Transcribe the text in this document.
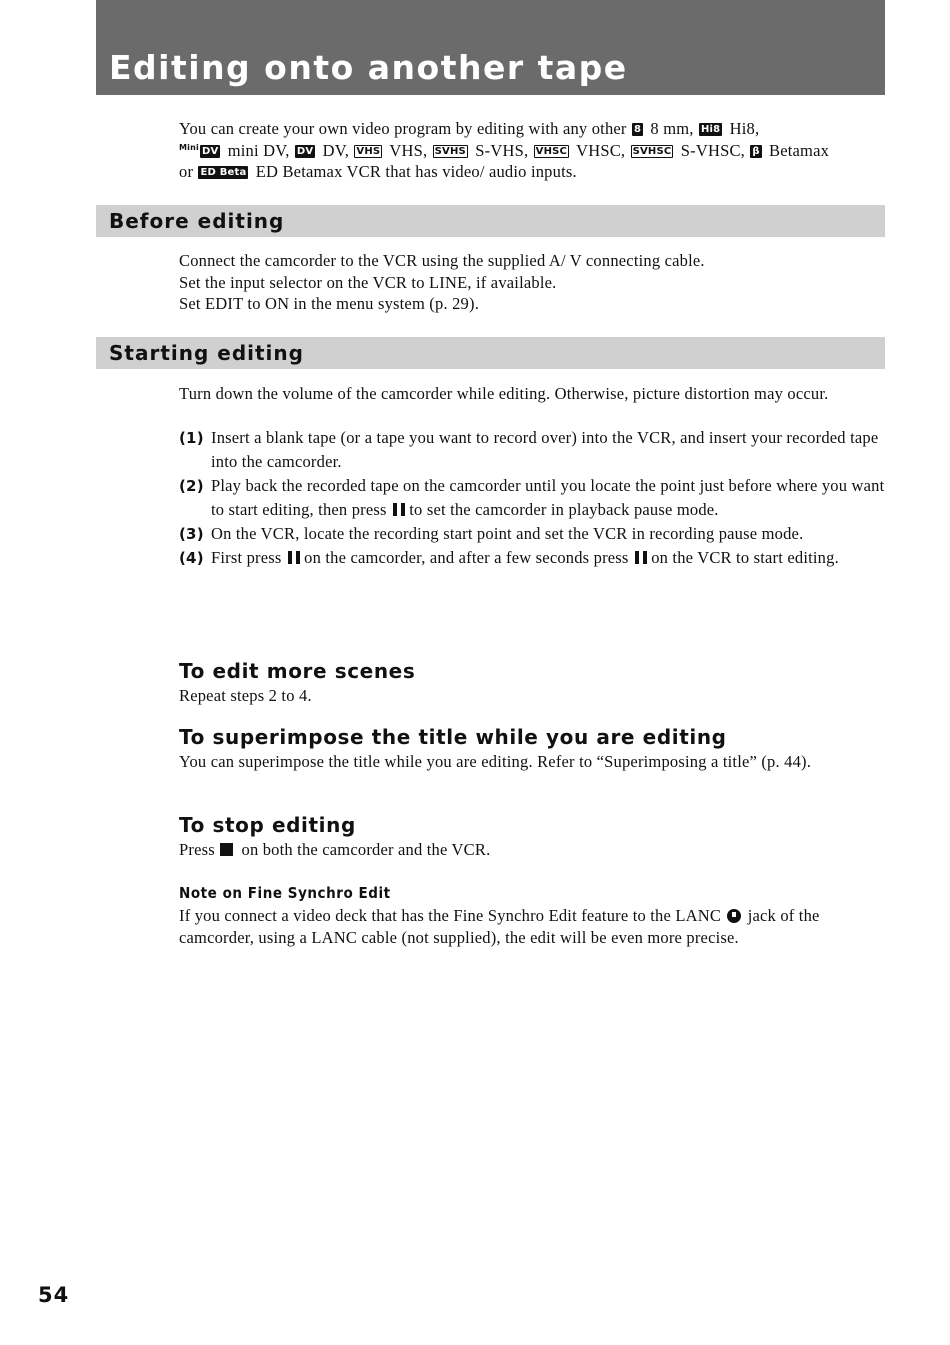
Editing onto another tape
You can create your own video program by editing with any other 8 8 mm, Hi8 Hi8,
Mini DV mini DV, DV DV, VHS VHS, SVHS S-VHS, VHSC VHSC, SVHSC S-VHSC, β Betamax
or ED Beta ED Betamax VCR that has video/ audio inputs.
Before editing
Connect the camcorder to the VCR using the supplied A/ V connecting cable.
Set the input selector on the VCR to LINE, if available.
Set EDIT to ON in the menu system (p. 29).
Starting editing
Turn down the volume of the camcorder while editing. Otherwise, picture distortion may occur.
(1) Insert a blank tape (or a tape you want to record over) into the VCR, and insert your recorded tape into the camcorder.
(2) Play back the recorded tape on the camcorder until you locate the point just before where you want to start editing, then press  to set the camcorder in playback pause mode.
(3) On the VCR, locate the recording start point and set the VCR in recording pause mode.
(4) First press  on the camcorder, and after a few seconds press  on the VCR to start editing.
To edit more scenes
Repeat steps 2 to 4.
To superimpose the title while you are editing
You can superimpose the title while you are editing. Refer to “Superimposing a title” (p. 44).
To stop editing
Press  on both the camcorder and the VCR.
Note on Fine Synchro Edit
If you connect a video deck that has the Fine Synchro Edit feature to the LANC  jack of the camcorder, using a LANC cable (not supplied), the edit will be even more precise.
54
